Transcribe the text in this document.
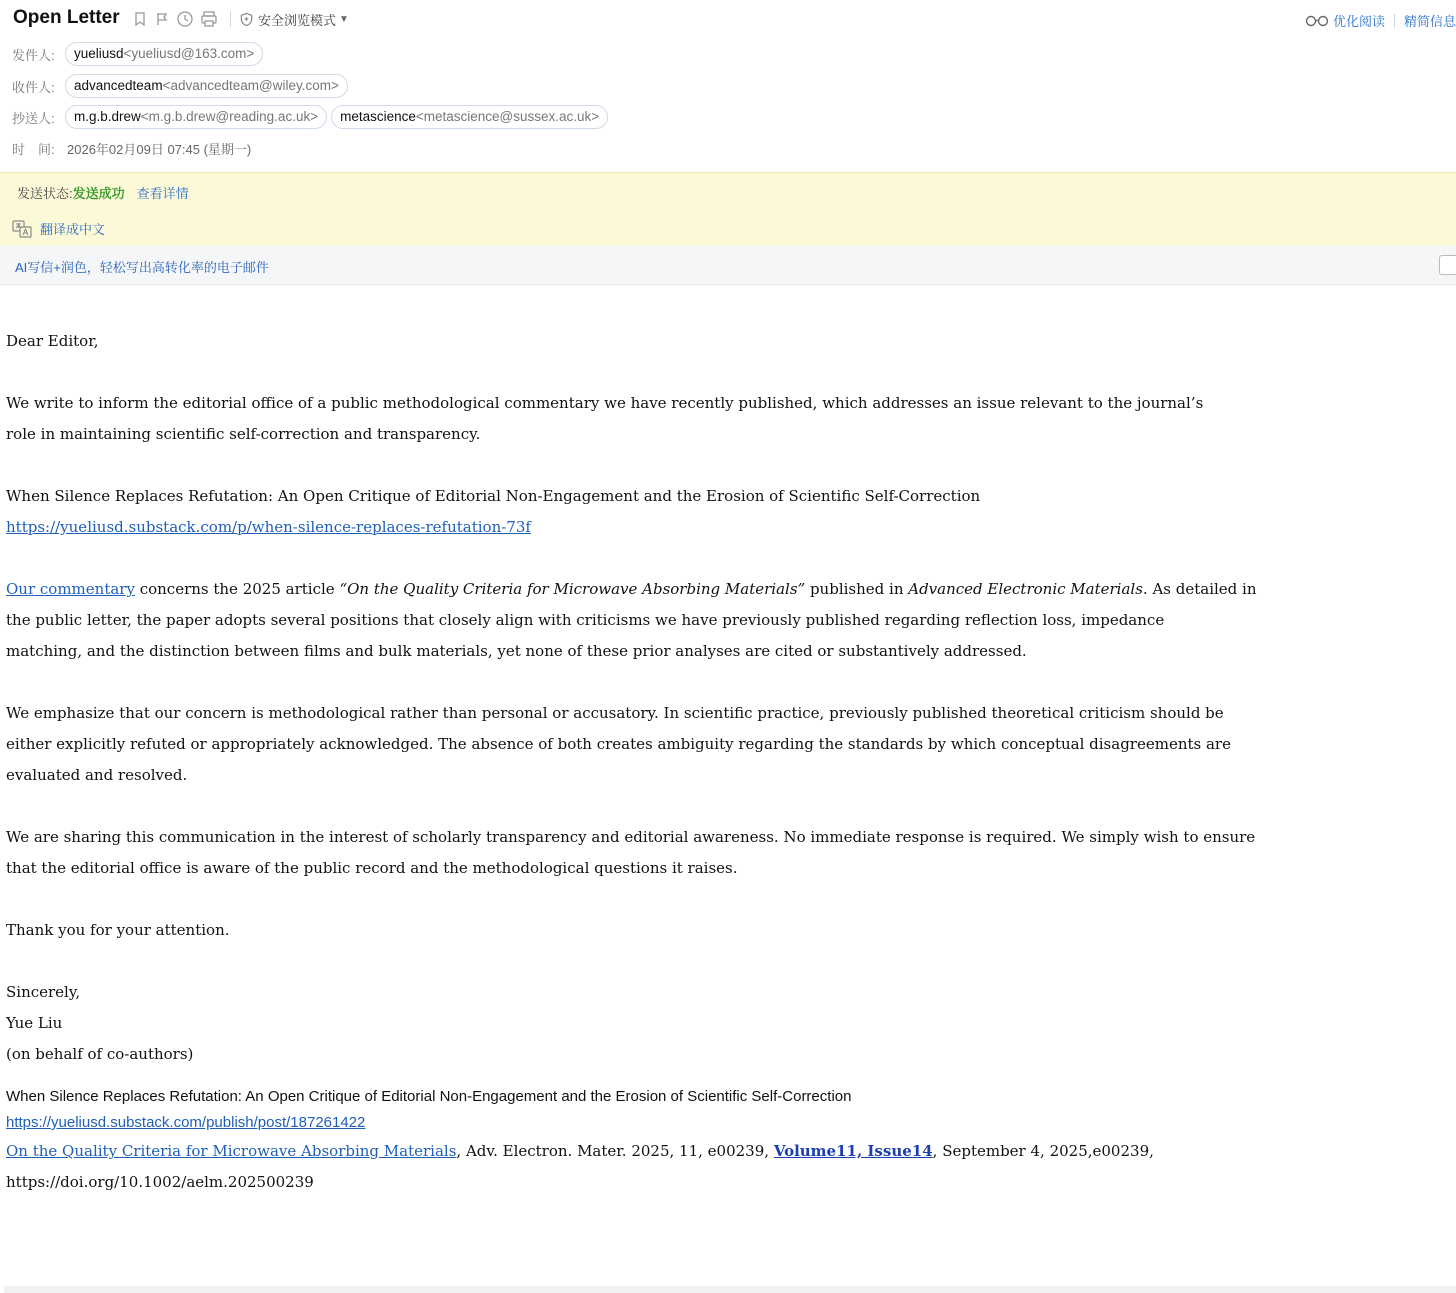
Open Letter	安全浏览模式 ▼	优化阅读 精简信息
发件人:	yueliusd<yueliusd@163.com>
收件人:	advancedteam<advancedteam@wiley.com>
抄送人:	m.g.b.drew<m.g.b.drew@reading.ac.uk>	metascience<metascience@sussex.ac.uk>
时　间: 2026年02月09日 07:45 (星期一)
发送状态:发送成功 查看详情
翻译成中文
AI写信+润色，轻松写出高转化率的电子邮件

Dear Editor,

We write to inform the editorial office of a public methodological commentary we have recently published, which addresses an issue relevant to the journal’s
role in maintaining scientific self-correction and transparency.

When Silence Replaces Refutation: An Open Critique of Editorial Non-Engagement and the Erosion of Scientific Self-Correction
https://yueliusd.substack.com/p/when-silence-replaces-refutation-73f

Our commentary concerns the 2025 article “On the Quality Criteria for Microwave Absorbing Materials” published in Advanced Electronic Materials. As detailed in
the public letter, the paper adopts several positions that closely align with criticisms we have previously published regarding reflection loss, impedance
matching, and the distinction between films and bulk materials, yet none of these prior analyses are cited or substantively addressed.

We emphasize that our concern is methodological rather than personal or accusatory. In scientific practice, previously published theoretical criticism should be
either explicitly refuted or appropriately acknowledged. The absence of both creates ambiguity regarding the standards by which conceptual disagreements are
evaluated and resolved.

We are sharing this communication in the interest of scholarly transparency and editorial awareness. No immediate response is required. We simply wish to ensure
that the editorial office is aware of the public record and the methodological questions it raises.

Thank you for your attention.

Sincerely,
Yue Liu
(on behalf of co-authors)

When Silence Replaces Refutation: An Open Critique of Editorial Non-Engagement and the Erosion of Scientific Self-Correction
https://yueliusd.substack.com/publish/post/187261422

On the Quality Criteria for Microwave Absorbing Materials, Adv. Electron. Mater. 2025, 11, e00239, Volume11, Issue14, September 4, 2025,e00239,
https://doi.org/10.1002/aelm.202500239
